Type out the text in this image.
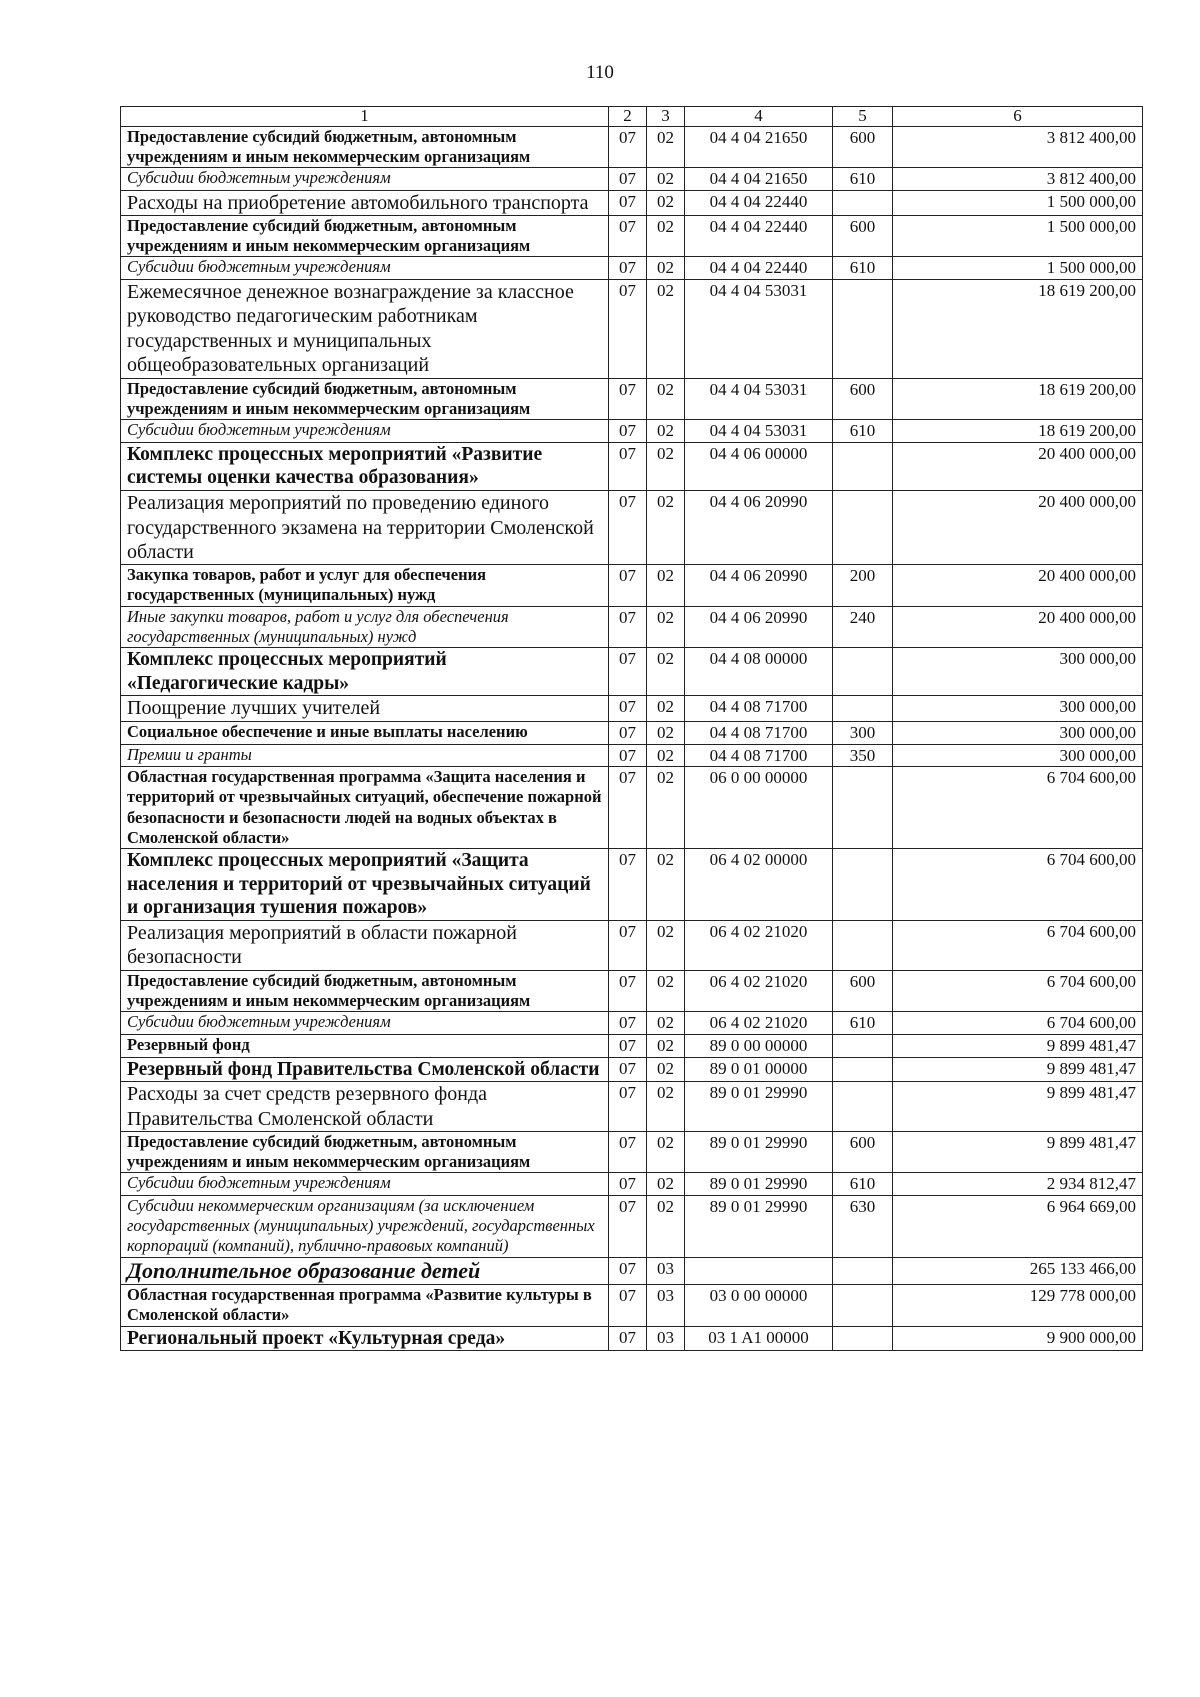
110
1	2	3	4	5	6
Предоставление субсидий бюджетным, автономным учреждениям и иным некоммерческим организациям	07	02	04 4 04 21650	600	3 812 400,00
Субсидии бюджетным учреждениям	07	02	04 4 04 21650	610	3 812 400,00
Расходы на приобретение автомобильного транспорта	07	02	04 4 04 22440		1 500 000,00
Предоставление субсидий бюджетным, автономным учреждениям и иным некоммерческим организациям	07	02	04 4 04 22440	600	1 500 000,00
Субсидии бюджетным учреждениям	07	02	04 4 04 22440	610	1 500 000,00
Ежемесячное денежное вознаграждение за классное руководство педагогическим работникам государственных и муниципальных общеобразовательных организаций	07	02	04 4 04 53031		18 619 200,00
Предоставление субсидий бюджетным, автономным учреждениям и иным некоммерческим организациям	07	02	04 4 04 53031	600	18 619 200,00
Субсидии бюджетным учреждениям	07	02	04 4 04 53031	610	18 619 200,00
Комплекс процессных мероприятий «Развитие системы оценки качества образования»	07	02	04 4 06 00000		20 400 000,00
Реализация мероприятий по проведению единого государственного экзамена на территории Смоленской области	07	02	04 4 06 20990		20 400 000,00
Закупка товаров, работ и услуг для обеспечения государственных (муниципальных) нужд	07	02	04 4 06 20990	200	20 400 000,00
Иные закупки товаров, работ и услуг для обеспечения государственных (муниципальных) нужд	07	02	04 4 06 20990	240	20 400 000,00
Комплекс процессных мероприятий «Педагогические кадры»	07	02	04 4 08 00000		300 000,00
Поощрение лучших учителей	07	02	04 4 08 71700		300 000,00
Социальное обеспечение и иные выплаты населению	07	02	04 4 08 71700	300	300 000,00
Премии и гранты	07	02	04 4 08 71700	350	300 000,00
Областная государственная программа «Защита населения и территорий от чрезвычайных ситуаций, обеспечение пожарной безопасности и безопасности людей на водных объектах в Смоленской области»	07	02	06 0 00 00000		6 704 600,00
Комплекс процессных мероприятий «Защита населения и территорий от чрезвычайных ситуаций и организация тушения пожаров»	07	02	06 4 02 00000		6 704 600,00
Реализация мероприятий в области пожарной безопасности	07	02	06 4 02 21020		6 704 600,00
Предоставление субсидий бюджетным, автономным учреждениям и иным некоммерческим организациям	07	02	06 4 02 21020	600	6 704 600,00
Субсидии бюджетным учреждениям	07	02	06 4 02 21020	610	6 704 600,00
Резервный фонд	07	02	89 0 00 00000		9 899 481,47
Резервный фонд Правительства Смоленской области	07	02	89 0 01 00000		9 899 481,47
Расходы за счет средств резервного фонда Правительства Смоленской области	07	02	89 0 01 29990		9 899 481,47
Предоставление субсидий бюджетным, автономным учреждениям и иным некоммерческим организациям	07	02	89 0 01 29990	600	9 899 481,47
Субсидии бюджетным учреждениям	07	02	89 0 01 29990	610	2 934 812,47
Субсидии некоммерческим организациям (за исключением государственных (муниципальных) учреждений, государственных корпораций (компаний), публично-правовых компаний)	07	02	89 0 01 29990	630	6 964 669,00
Дополнительное образование детей	07	03			265 133 466,00
Областная государственная программа «Развитие культуры в Смоленской области»	07	03	03 0 00 00000		129 778 000,00
Региональный проект «Культурная среда»	07	03	03 1 A1 00000		9 900 000,00
